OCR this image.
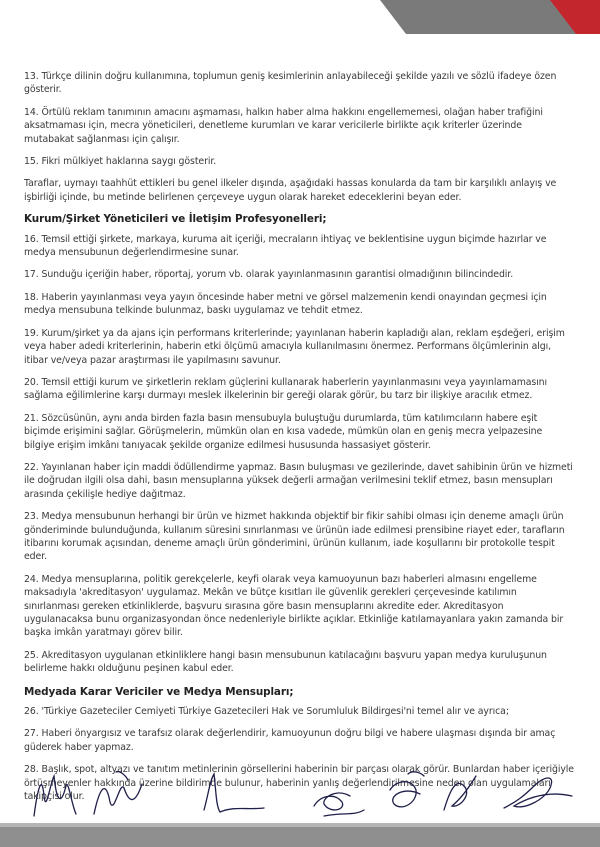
13. Türkçe dilinin doğru kullanımına, toplumun geniş kesimlerinin anlayabileceği şekilde yazılı ve sözlü ifadeye özen gösterir.

14. Örtülü reklam tanımının amacını aşmaması, halkın haber alma hakkını engellememesi, olağan haber trafiğini aksatmaması için, mecra yöneticileri, denetleme kurumları ve karar vericilerle birlikte açık kriterler üzerinde mutabakat sağlanması için çalışır.

15. Fikri mülkiyet haklarına saygı gösterir.

Taraflar, uymayı taahhüt ettikleri bu genel ilkeler dışında, aşağıdaki hassas konularda da tam bir karşılıklı anlayış ve işbirliği içinde, bu metinde belirlenen çerçeveye uygun olarak hareket edeceklerini beyan eder.

Kurum/Şirket Yöneticileri ve İletişim Profesyonelleri;

16. Temsil ettiği şirkete, markaya, kuruma ait içeriği, mecraların ihtiyaç ve beklentisine uygun biçimde hazırlar ve medya mensubunun değerlendirmesine sunar.

17. Sunduğu içeriğin haber, röportaj, yorum vb. olarak yayınlanmasının garantisi olmadığının bilincindedir.

18. Haberin yayınlanması veya yayın öncesinde haber metni ve görsel malzemenin kendi onayından geçmesi için medya mensubuna telkinde bulunmaz, baskı uygulamaz ve tehdit etmez.

19. Kurum/şirket ya da ajans için performans kriterlerinde; yayınlanan haberin kapladığı alan, reklam eşdeğeri, erişim veya haber adedi kriterlerinin, haberin etki ölçümü amacıyla kullanılmasını önermez. Performans ölçümlerinin algı, itibar ve/veya pazar araştırması ile yapılmasını savunur.

20. Temsil ettiği kurum ve şirketlerin reklam güçlerini kullanarak haberlerin yayınlanmasını veya yayınlamamasını sağlama eğilimlerine karşı durmayı meslek ilkelerinin bir gereği olarak görür, bu tarz bir ilişkiye aracılık etmez.

21. Sözcüsünün, aynı anda birden fazla basın mensubuyla buluştuğu durumlarda, tüm katılımcıların habere eşit biçimde erişimini sağlar. Görüşmelerin, mümkün olan en kısa vadede, mümkün olan en geniş mecra yelpazesine bilgiye erişim imkânı tanıyacak şekilde organize edilmesi hususunda hassasiyet gösterir.

22. Yayınlanan haber için maddi ödüllendirme yapmaz. Basın buluşması ve gezilerinde, davet sahibinin ürün ve hizmeti ile doğrudan ilgili olsa dahi, basın mensuplarına yüksek değerli armağan verilmesini teklif etmez, basın mensupları arasında çekilişle hediye dağıtmaz.

23. Medya mensubunun herhangi bir ürün ve hizmet hakkında objektif bir fikir sahibi olması için deneme amaçlı ürün gönderiminde bulunduğunda, kullanım süresini sınırlanması ve ürünün iade edilmesi prensibine riayet eder, tarafların itibarını korumak açısından, deneme amaçlı ürün gönderimini, ürünün kullanım, iade koşullarını bir protokolle tespit eder.

24. Medya mensuplarına, politik gerekçelerle, keyfi olarak veya kamuoyunun bazı haberleri almasını engelleme maksadıyla 'akreditasyon' uygulamaz. Mekân ve bütçe kısıtları ile güvenlik gerekleri çerçevesinde katılımın sınırlanması gereken etkinliklerde, başvuru sırasına göre basın mensuplarını akredite eder. Akreditasyon uygulanacaksa bunu organizasyondan önce nedenleriyle birlikte açıklar. Etkinliğe katılamayanlara yakın zamanda bir başka imkân yaratmayı görev bilir.

25. Akreditasyon uygulanan etkinliklere hangi basın mensubunun katılacağını başvuru yapan medya kuruluşunun belirleme hakkı olduğunu peşinen kabul eder.

Medyada Karar Vericiler ve Medya Mensupları;

26. 'Türkiye Gazeteciler Cemiyeti Türkiye Gazetecileri Hak ve Sorumluluk Bildirgesi'ni temel alır ve ayrıca;

27. Haberi önyargısız ve tarafsız olarak değerlendirir, kamuoyunun doğru bilgi ve habere ulaşması dışında bir amaç güderek haber yapmaz.

28. Başlık, spot, altyazı ve tanıtım metinlerinin görsellerini haberinin bir parçası olarak görür. Bunlardan haber içeriğiyle örtüşmeyenler hakkında üzerine bildirimde bulunur, haberinin yanlış değerlendirilmesine neden olan uygulamaları takipçisi olur.
